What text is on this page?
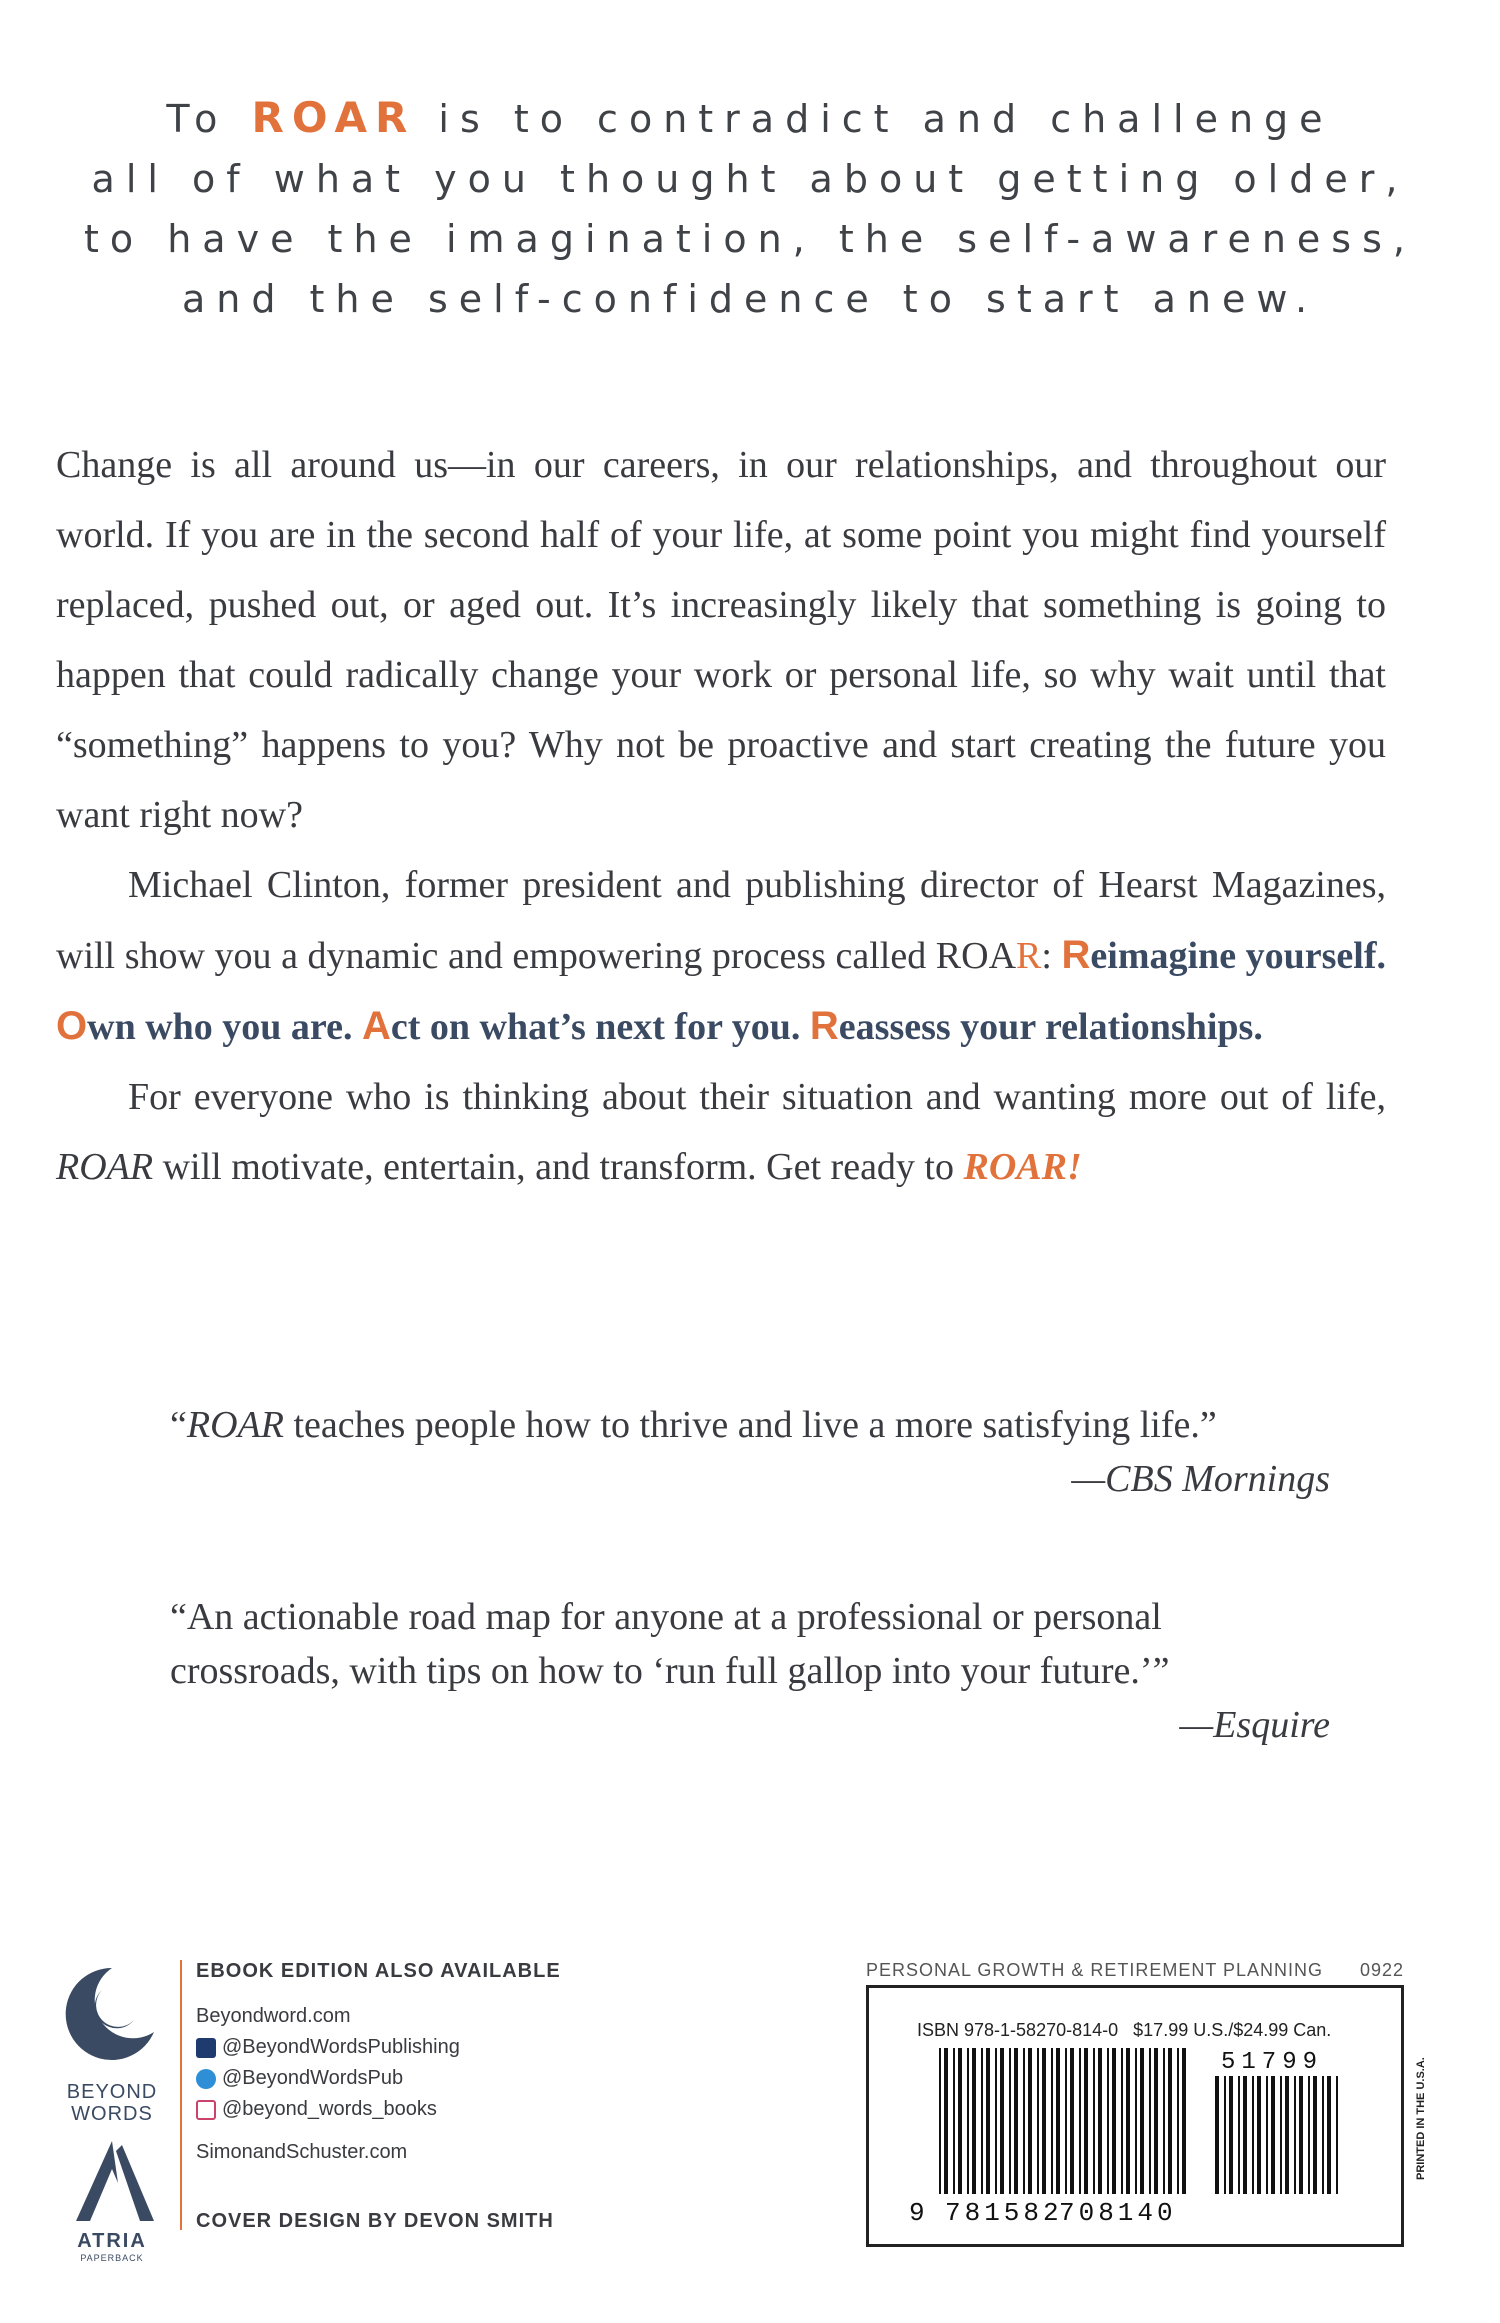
To ROAR is to contradict and challenge
all of what you thought about getting older,
to have the imagination, the self-awareness,
and the self-confidence to start anew.

Change is all around us—in our careers, in our relationships, and throughout our world. If you are in the second half of your life, at some point you might find yourself replaced, pushed out, or aged out. It’s increasingly likely that something is going to happen that could radically change your work or personal life, so why wait until that “something” happens to you? Why not be proactive and start creating the future you want right now?

Michael Clinton, former president and publishing director of Hearst Magazines, will show you a dynamic and empowering process called ROAR: Reimagine yourself. Own who you are. Act on what’s next for you. Reassess your relationships.

For everyone who is thinking about their situation and wanting more out of life, ROAR will motivate, entertain, and transform. Get ready to ROAR!

“ROAR teaches people how to thrive and live a more satisfying life.”
—CBS Mornings
“An actionable road map for anyone at a professional or personal crossroads, with tips on how to ‘run full gallop into your future.’”
—Esquire
BEYOND
WORDS
ATRIA
PAPERBACK
EBOOK EDITION ALSO AVAILABLE
Beyondword.com
@BeyondWordsPublishing
@BeyondWordsPub
@beyond_words_books
SimonandSchuster.com
COVER DESIGN BY DEVON SMITH
PERSONAL GROWTH & RETIREMENT PLANNING 0922
ISBN 978-1-58270-814-0 $17.99 U.S./$24.99 Can.
9 781582
708140
51799	PRINTED IN THE U.S.A.
